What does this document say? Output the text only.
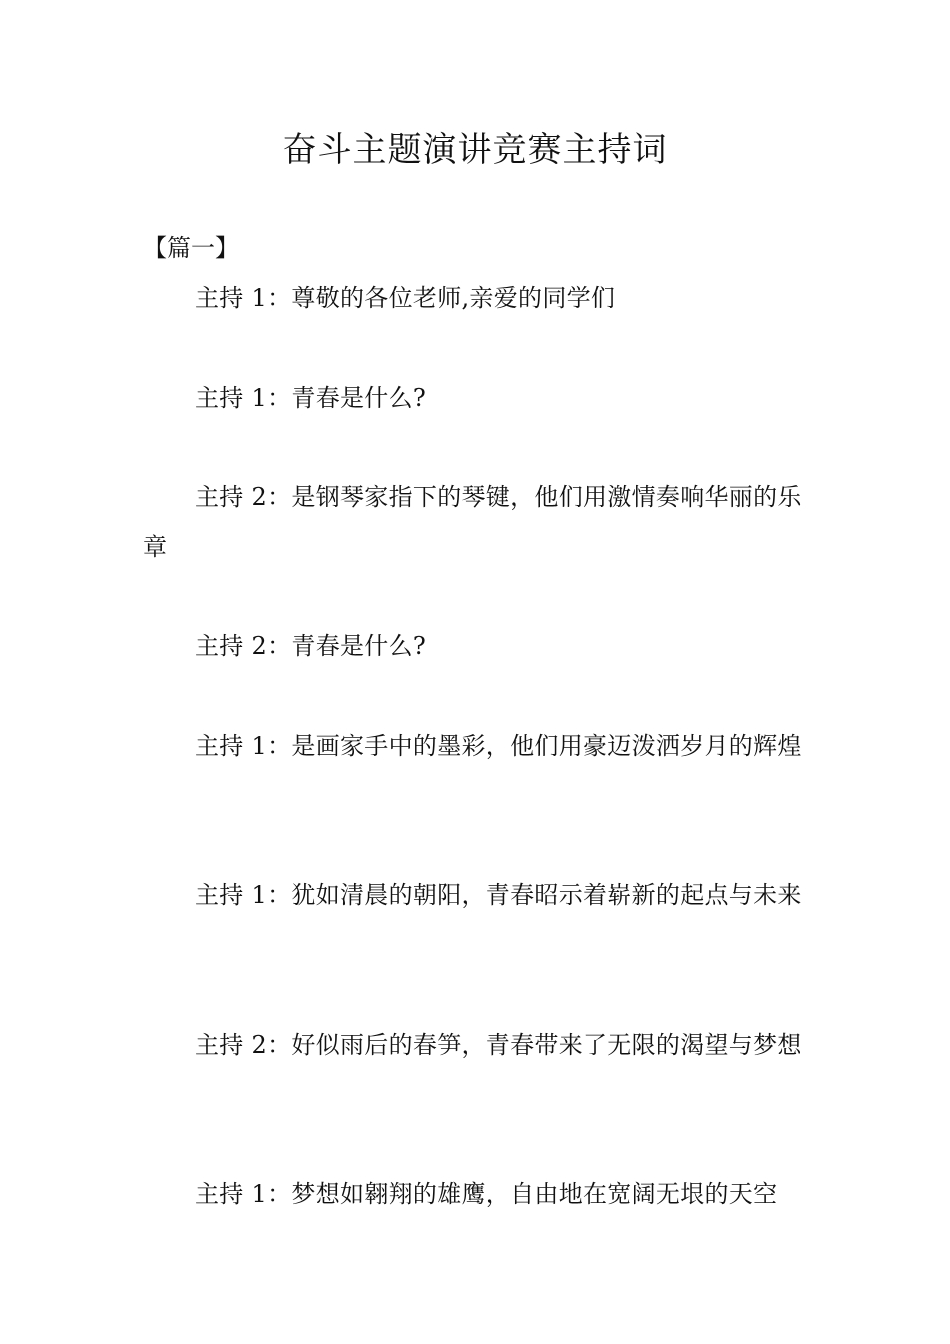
奋斗主题演讲竞赛主持词
【篇一】
主持 1：尊敬的各位老师,亲爱的同学们
主持 1：青春是什么?
主持 2：是钢琴家指下的琴键，他们用激情奏响华丽的乐章
主持 2：青春是什么?
主持 1：是画家手中的墨彩，他们用豪迈泼洒岁月的辉煌
主持 1：犹如清晨的朝阳，青春昭示着崭新的起点与未来
主持 2：好似雨后的春笋，青春带来了无限的渴望与梦想
主持 1：梦想如翱翔的雄鹰，自由地在宽阔无垠的天空
